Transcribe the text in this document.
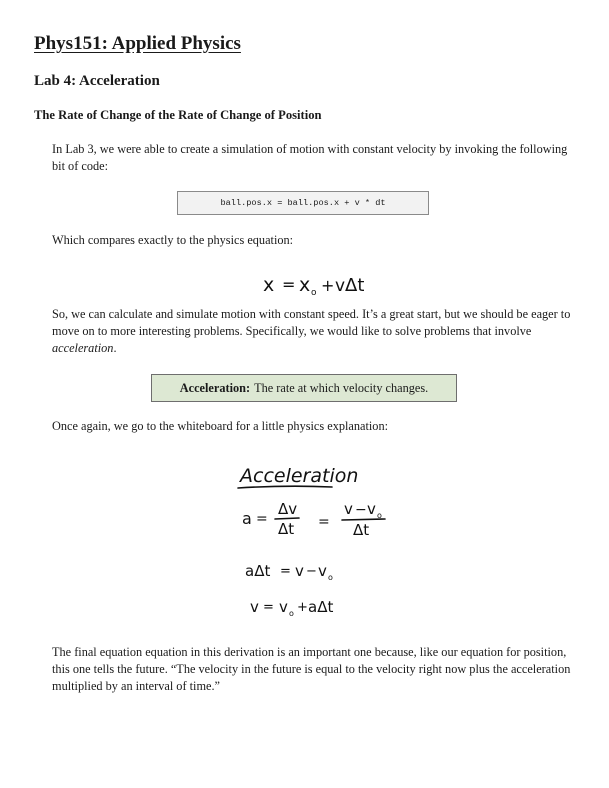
Phys151: Applied Physics
Lab 4: Acceleration
The Rate of Change of the Rate of Change of Position
In Lab 3, we were able to create a simulation of motion with constant velocity by invoking the following bit of code:
ball.pos.x = ball.pos.x + v * dt
Which compares exactly to the physics equation:
x = x o + v Δt
So, we can calculate and simulate motion with constant speed. It’s a great start, but we should be eager to move on to more interesting problems. Specifically, we would like to solve problems that involve acceleration.
Acceleration: The rate at which velocity changes.
Once again, we go to the whiteboard for a little physics explanation:
Acceleration
a =
Δv
Δt =
v − v o
Δt
aΔt = v − v o
v = v o + aΔt
The final equation equation in this derivation is an important one because, like our equation for position, this one tells the future. “The velocity in the future is equal to the velocity right now plus the acceleration multiplied by an interval of time.”
